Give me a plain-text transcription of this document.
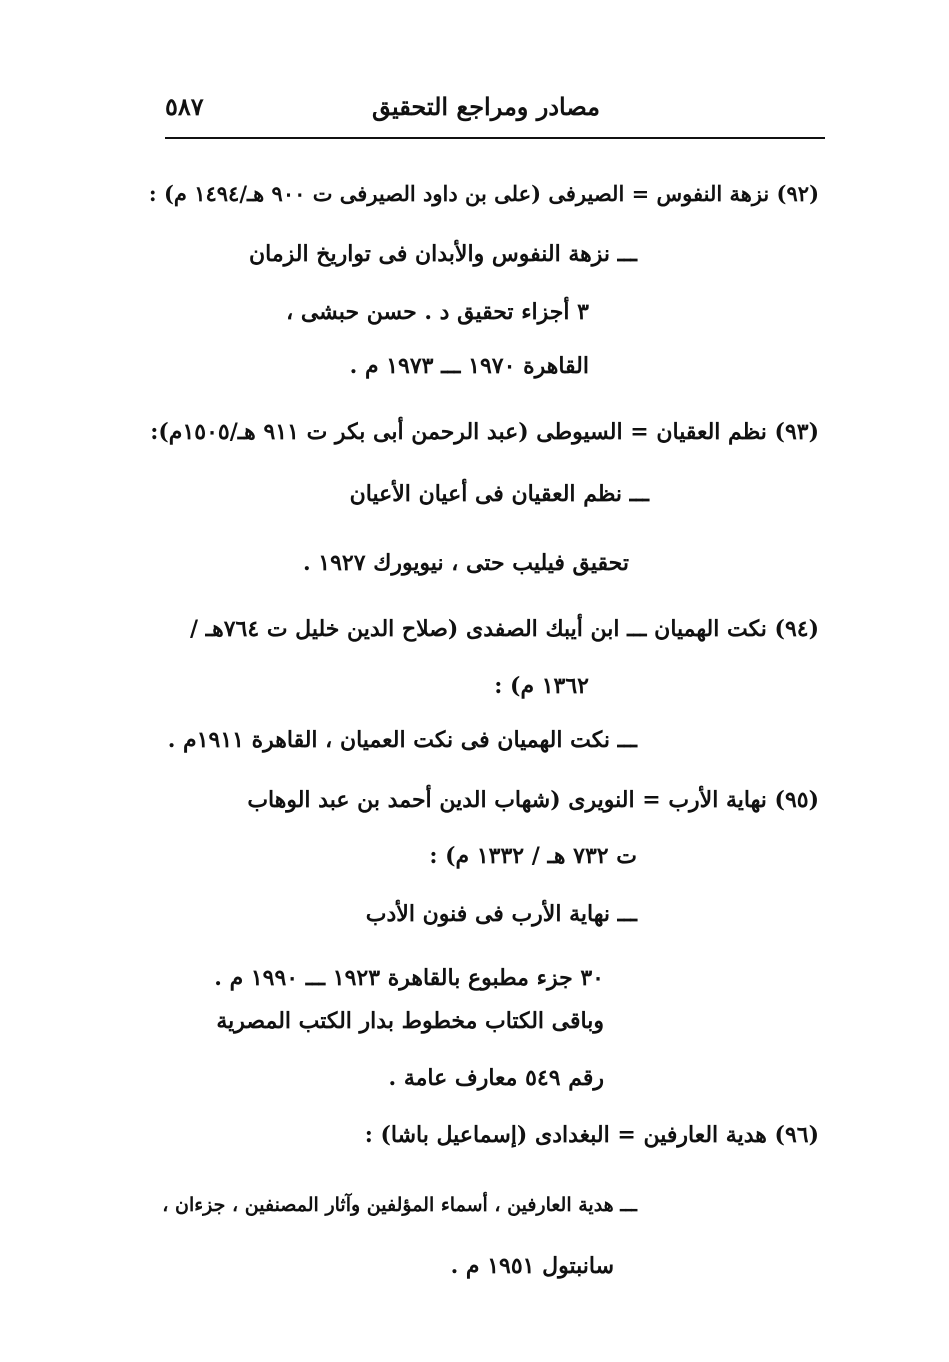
مصادر ومراجع التحقيق
٥٨٧
(٩٢) نزهة النفوس = الصيرفى (على بن داود الصيرفى ت ٩٠٠ هـ/١٤٩٤ م) :
ـــ نزهة النفوس والأبدان فى تواريخ الزمان
٣ أجزاء تحقيق د . حسن حبشى ،
القاهرة ١٩٧٠ ـــ ١٩٧٣ م .
(٩٣) نظم العقيان = السيوطى (عبد الرحمن أبى بكر ت ٩١١ هـ/١٥٠٥م):
ـــ نظم العقيان فى أعيان الأعيان
تحقيق فيليب حتى ، نيويورك ١٩٢٧ .
(٩٤) نكت الهميان ـــ ابن أيبك الصفدى (صلاح الدين خليل ت ٧٦٤هـ /
١٣٦٢ م) :
ـــ نكت الهميان فى نكت العميان ، القاهرة ١٩١١م .
(٩٥) نهاية الأرب = النويرى (شهاب الدين أحمد بن عبد الوهاب
ت ٧٣٢ هـ / ١٣٣٢ م) :
ـــ نهاية الأرب فى فنون الأدب
٣٠ جزء مطبوع بالقاهرة ١٩٢٣ ـــ ١٩٩٠ م .
وباقى الكتاب مخطوط بدار الكتب المصرية
رقم ٥٤٩ معارف عامة .
(٩٦) هدية العارفين = البغدادى (إسماعيل باشا) :
ـــ هدية العارفين ، أسماء المؤلفين وآثار المصنفين ، جزءان ،
سانبتول ١٩٥١ م .
